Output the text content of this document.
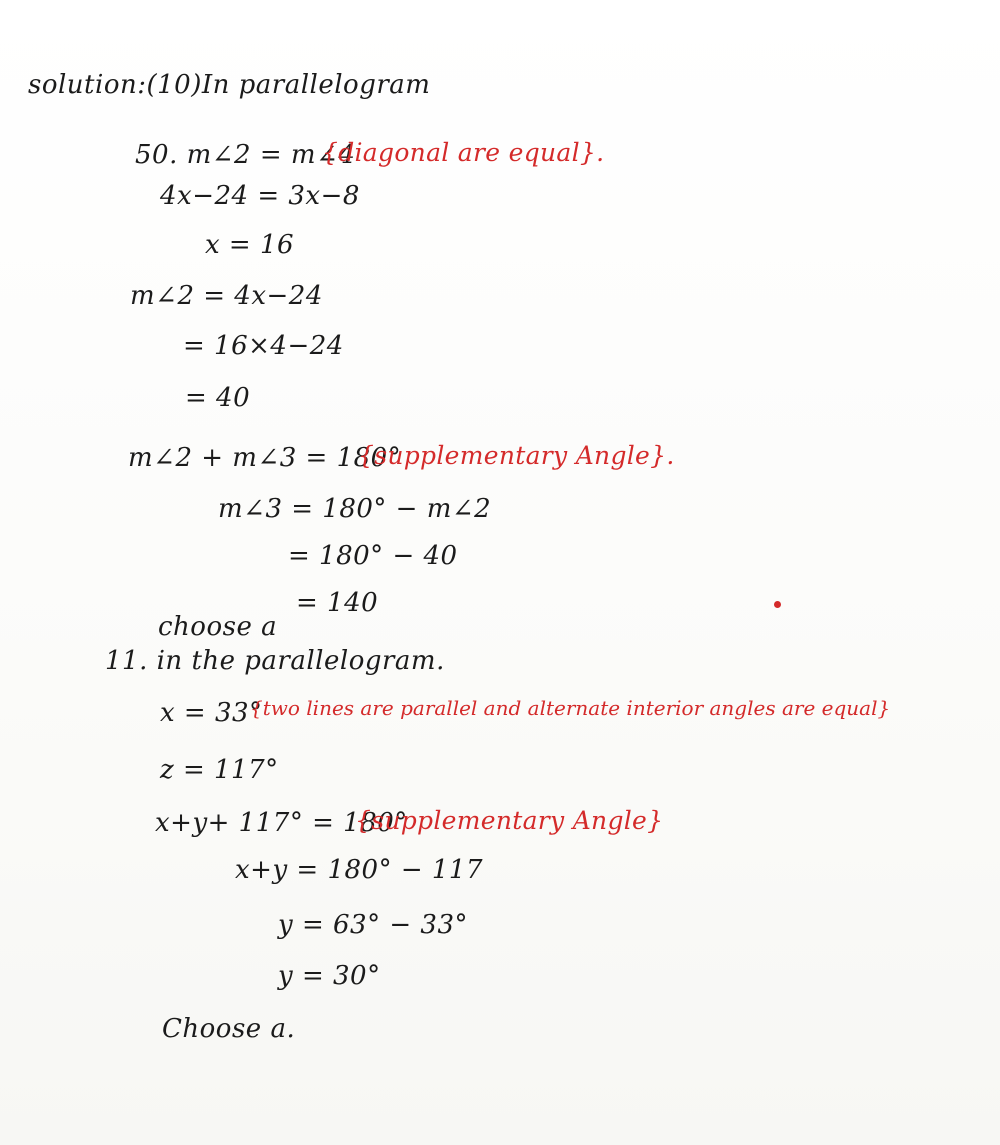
solution:(10)In parallelogram
50. m∠2 = m∠4
{diagonal are equal}.
4x−24 = 3x−8
x = 16
m∠2 = 4x−24
= 16×4−24
= 40
m∠2 + m∠3 = 180°
{supplementary Angle}.
m∠3 = 180° − m∠2
= 180° − 40
= 140
choose a
11. in the parallelogram.
x = 33°
{two lines are parallel and alternate interior angles are equal}
z = 117°
x+y+ 117° = 180°
{supplementary Angle}
x+y = 180° − 117
y = 63° − 33°
y = 30°
Choose a.
